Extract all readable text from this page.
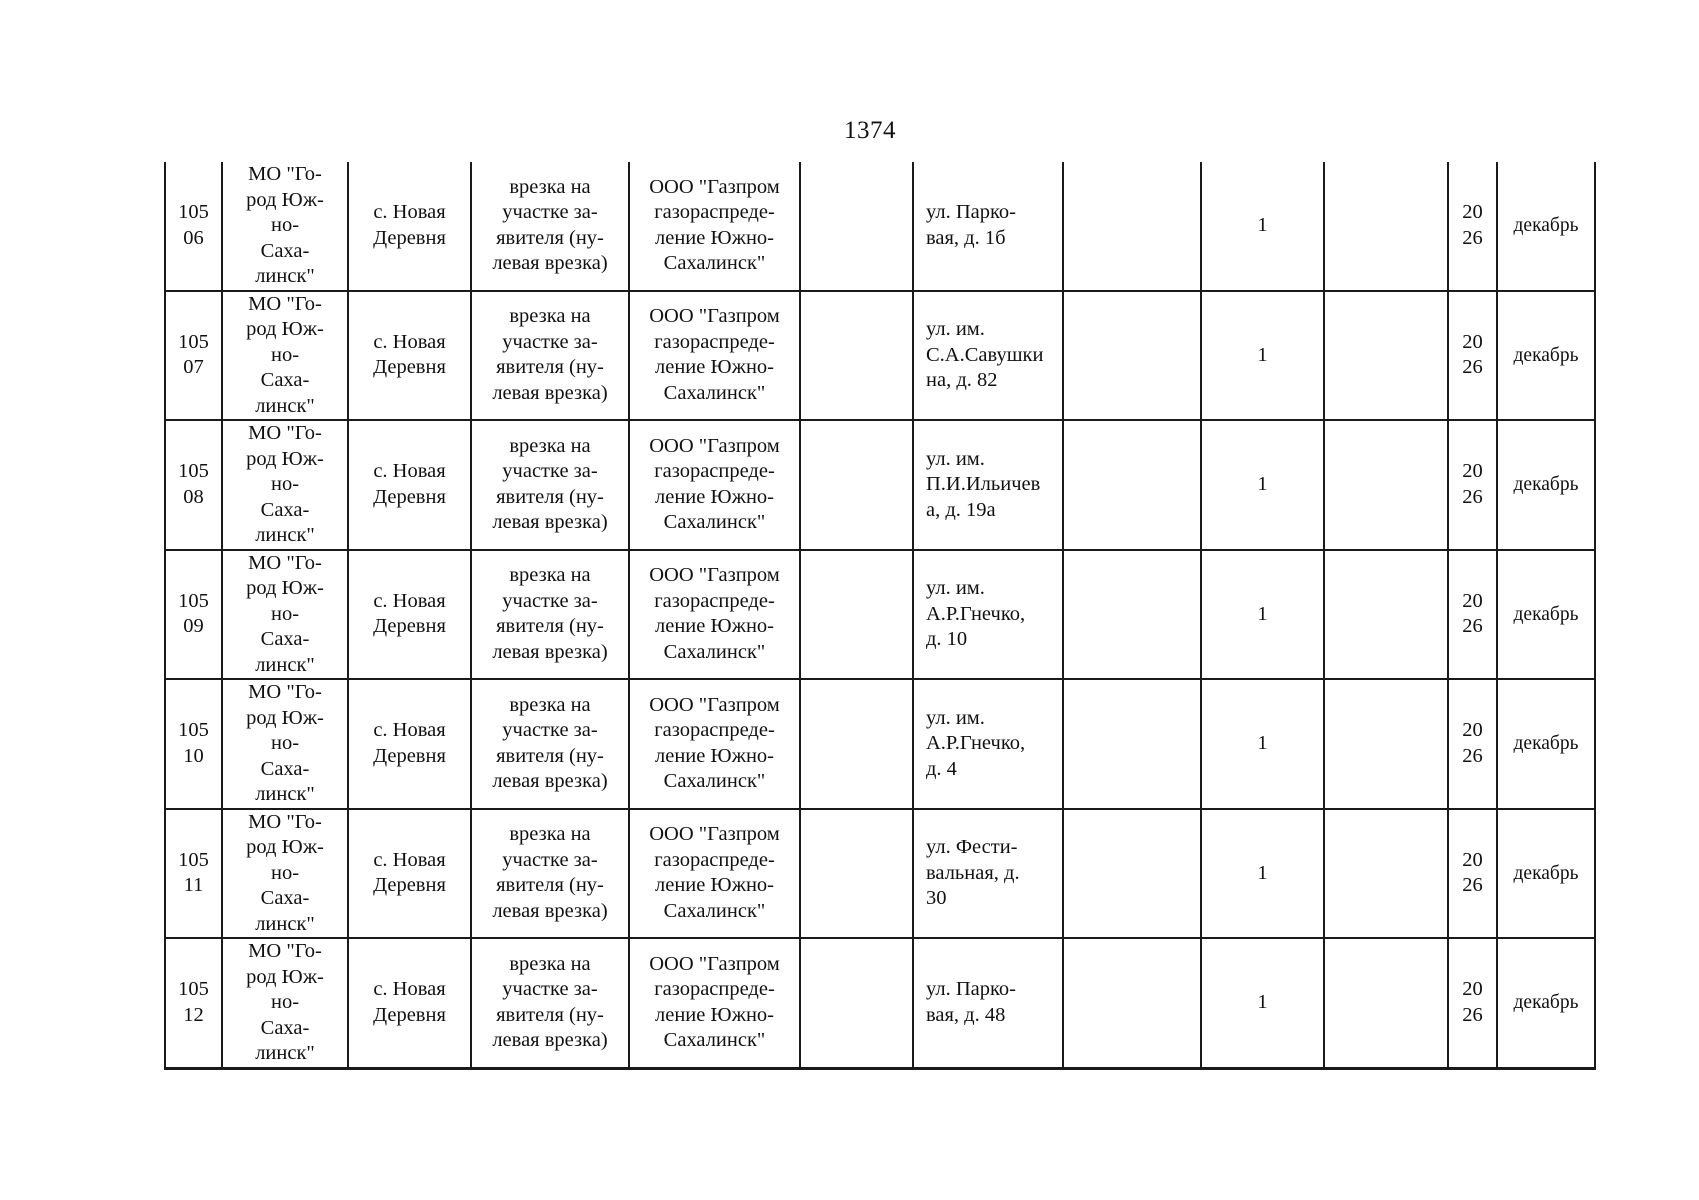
1374
105
06	МО "Го-
род Юж-
но-
Саха-
линск"	с. Новая
Деревня	врезка на
участке за-
явителя (ну-
левая врезка)	ООО "Газпром
газораспреде-
ление Южно-
Сахалинск"		ул. Парко-
вая, д. 1б		1		20
26	декабрь

105
07	МО "Го-
род Юж-
но-
Саха-
линск"	с. Новая
Деревня	врезка на
участке за-
явителя (ну-
левая врезка)	ООО "Газпром
газораспреде-
ление Южно-
Сахалинск"		ул. им.
С.А.Савушки
на, д. 82		1		20
26	декабрь

105
08	МО "Го-
род Юж-
но-
Саха-
линск"	с. Новая
Деревня	врезка на
участке за-
явителя (ну-
левая врезка)	ООО "Газпром
газораспреде-
ление Южно-
Сахалинск"		ул. им.
П.И.Ильичев
а, д. 19а		1		20
26	декабрь

105
09	МО "Го-
род Юж-
но-
Саха-
линск"	с. Новая
Деревня	врезка на
участке за-
явителя (ну-
левая врезка)	ООО "Газпром
газораспреде-
ление Южно-
Сахалинск"		ул. им.
А.Р.Гнечко,
д. 10		1		20
26	декабрь

105
10	МО "Го-
род Юж-
но-
Саха-
линск"	с. Новая
Деревня	врезка на
участке за-
явителя (ну-
левая врезка)	ООО "Газпром
газораспреде-
ление Южно-
Сахалинск"		ул. им.
А.Р.Гнечко,
д. 4		1		20
26	декабрь

105
11	МО "Го-
род Юж-
но-
Саха-
линск"	с. Новая
Деревня	врезка на
участке за-
явителя (ну-
левая врезка)	ООО "Газпром
газораспреде-
ление Южно-
Сахалинск"		ул. Фести-
вальная, д.
30		1		20
26	декабрь

105
12	МО "Го-
род Юж-
но-
Саха-
линск"	с. Новая
Деревня	врезка на
участке за-
явителя (ну-
левая врезка)	ООО "Газпром
газораспреде-
ление Южно-
Сахалинск"		ул. Парко-
вая, д. 48		1		20
26	декабрь
